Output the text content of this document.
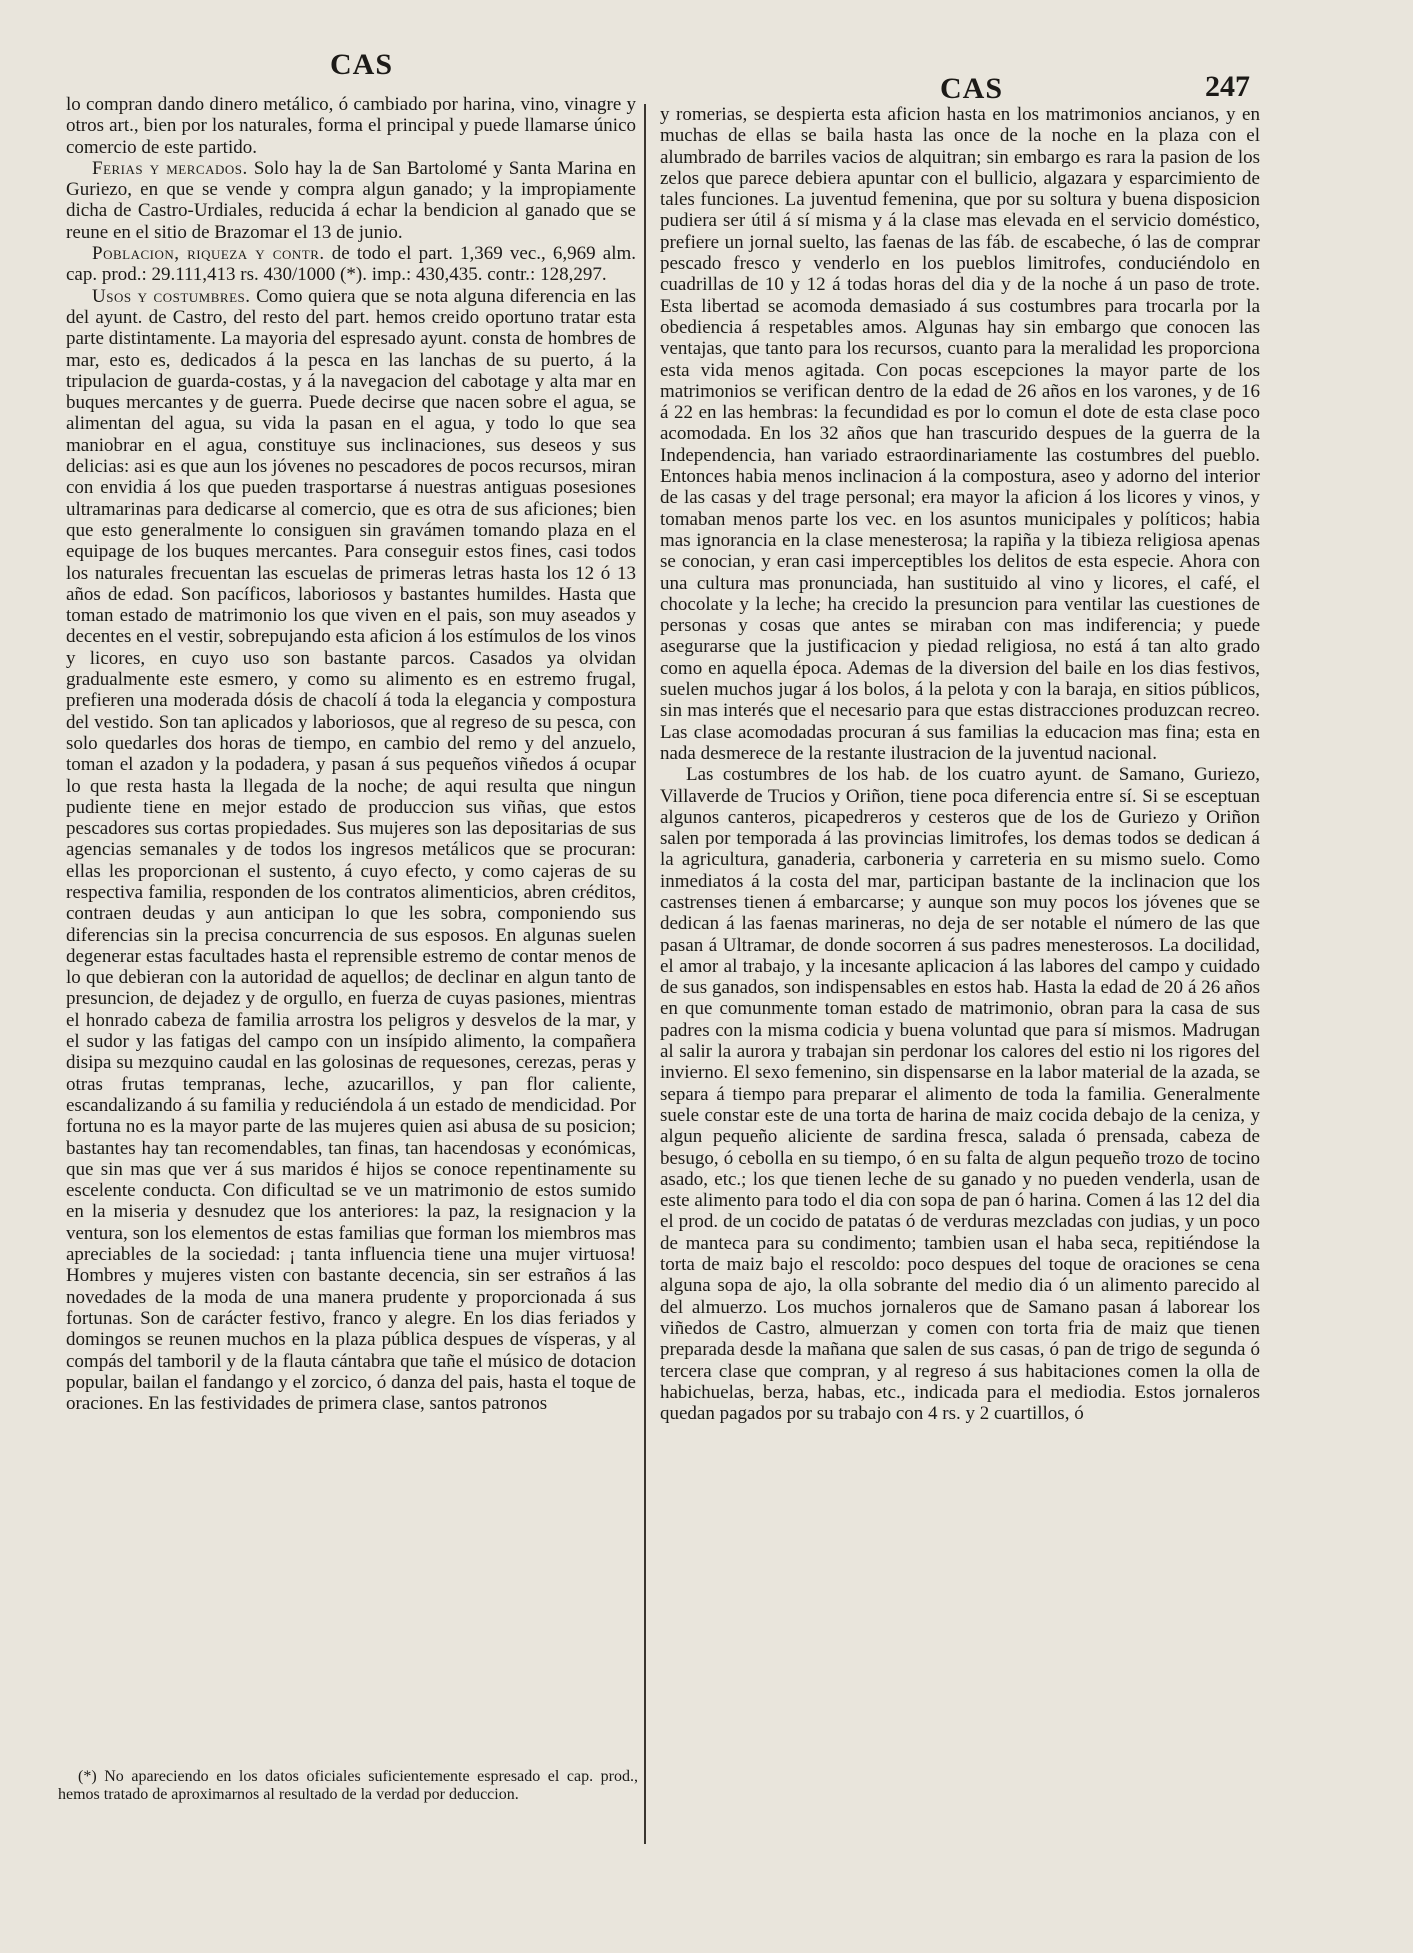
CAS
CAS	247

lo compran dando dinero metálico, ó cambiado por harina, vino, vinagre y otros art., bien por los naturales, forma el principal y puede llamarse único comercio de este partido.

Ferias y mercados. Solo hay la de San Bartolomé y Santa Marina en Guriezo, en que se vende y compra algun ganado; y la impropiamente dicha de Castro-Urdiales, reducida á echar la bendicion al ganado que se reune en el sitio de Brazomar el 13 de junio.

Poblacion, riqueza y contr. de todo el part. 1,369 vec., 6,969 alm. cap. prod.: 29.111,413 rs. 430/1000 (*). imp.: 430,435. contr.: 128,297.

Usos y costumbres. Como quiera que se nota alguna diferencia en las del ayunt. de Castro, del resto del part. hemos creido oportuno tratar esta parte distintamente. La mayoria del espresado ayunt. consta de hombres de mar, esto es, dedicados á la pesca en las lanchas de su puerto, á la tripulacion de guarda-costas, y á la navegacion del cabotage y alta mar en buques mercantes y de guerra. Puede decirse que nacen sobre el agua, se alimentan del agua, su vida la pasan en el agua, y todo lo que sea maniobrar en el agua, constituye sus inclinaciones, sus deseos y sus delicias: asi es que aun los jóvenes no pescadores de pocos recursos, miran con envidia á los que pueden trasportarse á nuestras antiguas posesiones ultramarinas para dedicarse al comercio, que es otra de sus aficiones; bien que esto generalmente lo consiguen sin gravámen tomando plaza en el equipage de los buques mercantes. Para conseguir estos fines, casi todos los naturales frecuentan las escuelas de primeras letras hasta los 12 ó 13 años de edad. Son pacíficos, laboriosos y bastantes humildes. Hasta que toman estado de matrimonio los que viven en el pais, son muy aseados y decentes en el vestir, sobrepujando esta aficion á los estímulos de los vinos y licores, en cuyo uso son bastante parcos. Casados ya olvidan gradualmente este esmero, y como su alimento es en estremo frugal, prefieren una moderada dósis de chacolí á toda la elegancia y compostura del vestido. Son tan aplicados y laboriosos, que al regreso de su pesca, con solo quedarles dos horas de tiempo, en cambio del remo y del anzuelo, toman el azadon y la podadera, y pasan á sus pequeños viñedos á ocupar lo que resta hasta la llegada de la noche; de aqui resulta que ningun pudiente tiene en mejor estado de produccion sus viñas, que estos pescadores sus cortas propiedades. Sus mujeres son las depositarias de sus agencias semanales y de todos los ingresos metálicos que se procuran: ellas les proporcionan el sustento, á cuyo efecto, y como cajeras de su respectiva familia, responden de los contratos alimenticios, abren créditos, contraen deudas y aun anticipan lo que les sobra, componiendo sus diferencias sin la precisa concurrencia de sus esposos. En algunas suelen degenerar estas facultades hasta el reprensible estremo de contar menos de lo que debieran con la autoridad de aquellos; de declinar en algun tanto de presuncion, de dejadez y de orgullo, en fuerza de cuyas pasiones, mientras el honrado cabeza de familia arrostra los peligros y desvelos de la mar, y el sudor y las fatigas del campo con un insípido alimento, la compañera disipa su mezquino caudal en las golosinas de requesones, cerezas, peras y otras frutas tempranas, leche, azucarillos, y pan flor caliente, escandalizando á su familia y reduciéndola á un estado de mendicidad. Por fortuna no es la mayor parte de las mujeres quien asi abusa de su posicion; bastantes hay tan recomendables, tan finas, tan hacendosas y económicas, que sin mas que ver á sus maridos é hijos se conoce repentinamente su escelente conducta. Con dificultad se ve un matrimonio de estos sumido en la miseria y desnudez que los anteriores: la paz, la resignacion y la ventura, son los elementos de estas familias que forman los miembros mas apreciables de la sociedad: ¡ tanta influencia tiene una mujer virtuosa! Hombres y mujeres visten con bastante decencia, sin ser estraños á las novedades de la moda de una manera prudente y proporcionada á sus fortunas. Son de carácter festivo, franco y alegre. En los dias feriados y domingos se reunen muchos en la plaza pública despues de vísperas, y al compás del tamboril y de la flauta cántabra que tañe el músico de dotacion popular, bailan el fandango y el zorcico, ó danza del pais, hasta el toque de oraciones. En las festividades de primera clase, santos patronos

(*) No apareciendo en los datos oficiales suficientemente espresado el cap. prod., hemos tratado de aproximarnos al resultado de la verdad por deduccion.

y romerias, se despierta esta aficion hasta en los matrimonios ancianos, y en muchas de ellas se baila hasta las once de la noche en la plaza con el alumbrado de barriles vacios de alquitran; sin embargo es rara la pasion de los zelos que parece debiera apuntar con el bullicio, algazara y esparcimiento de tales funciones. La juventud femenina, que por su soltura y buena disposicion pudiera ser útil á sí misma y á la clase mas elevada en el servicio doméstico, prefiere un jornal suelto, las faenas de las fáb. de escabeche, ó las de comprar pescado fresco y venderlo en los pueblos limitrofes, conduciéndolo en cuadrillas de 10 y 12 á todas horas del dia y de la noche á un paso de trote. Esta libertad se acomoda demasiado á sus costumbres para trocarla por la obediencia á respetables amos. Algunas hay sin embargo que conocen las ventajas, que tanto para los recursos, cuanto para la meralidad les proporciona esta vida menos agitada. Con pocas escepciones la mayor parte de los matrimonios se verifican dentro de la edad de 26 años en los varones, y de 16 á 22 en las hembras: la fecundidad es por lo comun el dote de esta clase poco acomodada. En los 32 años que han trascurido despues de la guerra de la Independencia, han variado estraordinariamente las costumbres del pueblo. Entonces habia menos inclinacion á la compostura, aseo y adorno del interior de las casas y del trage personal; era mayor la aficion á los licores y vinos, y tomaban menos parte los vec. en los asuntos municipales y políticos; habia mas ignorancia en la clase menesterosa; la rapiña y la tibieza religiosa apenas se conocian, y eran casi imperceptibles los delitos de esta especie. Ahora con una cultura mas pronunciada, han sustituido al vino y licores, el café, el chocolate y la leche; ha crecido la presuncion para ventilar las cuestiones de personas y cosas que antes se miraban con mas indiferencia; y puede asegurarse que la justificacion y piedad religiosa, no está á tan alto grado como en aquella época. Ademas de la diversion del baile en los dias festivos, suelen muchos jugar á los bolos, á la pelota y con la baraja, en sitios públicos, sin mas interés que el necesario para que estas distracciones produzcan recreo. Las clase acomodadas procuran á sus familias la educacion mas fina; esta en nada desmerece de la restante ilustracion de la juventud nacional.

Las costumbres de los hab. de los cuatro ayunt. de Samano, Guriezo, Villaverde de Trucios y Oriñon, tiene poca diferencia entre sí. Si se esceptuan algunos canteros, picapedreros y cesteros que de los de Guriezo y Oriñon salen por temporada á las provincias limitrofes, los demas todos se dedican á la agricultura, ganaderia, carboneria y carreteria en su mismo suelo. Como inmediatos á la costa del mar, participan bastante de la inclinacion que los castrenses tienen á embarcarse; y aunque son muy pocos los jóvenes que se dedican á las faenas marineras, no deja de ser notable el número de las que pasan á Ultramar, de donde socorren á sus padres menesterosos. La docilidad, el amor al trabajo, y la incesante aplicacion á las labores del campo y cuidado de sus ganados, son indispensables en estos hab. Hasta la edad de 20 á 26 años en que comunmente toman estado de matrimonio, obran para la casa de sus padres con la misma codicia y buena voluntad que para sí mismos. Madrugan al salir la aurora y trabajan sin perdonar los calores del estio ni los rigores del invierno. El sexo femenino, sin dispensarse en la labor material de la azada, se separa á tiempo para preparar el alimento de toda la familia. Generalmente suele constar este de una torta de harina de maiz cocida debajo de la ceniza, y algun pequeño aliciente de sardina fresca, salada ó prensada, cabeza de besugo, ó cebolla en su tiempo, ó en su falta de algun pequeño trozo de tocino asado, etc.; los que tienen leche de su ganado y no pueden venderla, usan de este alimento para todo el dia con sopa de pan ó harina. Comen á las 12 del dia el prod. de un cocido de patatas ó de verduras mezcladas con judias, y un poco de manteca para su condimento; tambien usan el haba seca, repitiéndose la torta de maiz bajo el rescoldo: poco despues del toque de oraciones se cena alguna sopa de ajo, la olla sobrante del medio dia ó un alimento parecido al del almuerzo. Los muchos jornaleros que de Samano pasan á laborear los viñedos de Castro, almuerzan y comen con torta fria de maiz que tienen preparada desde la mañana que salen de sus casas, ó pan de trigo de segunda ó tercera clase que compran, y al regreso á sus habitaciones comen la olla de habichuelas, berza, habas, etc., indicada para el mediodia. Estos jornaleros quedan pagados por su trabajo con 4 rs. y 2 cuartillos, ó
